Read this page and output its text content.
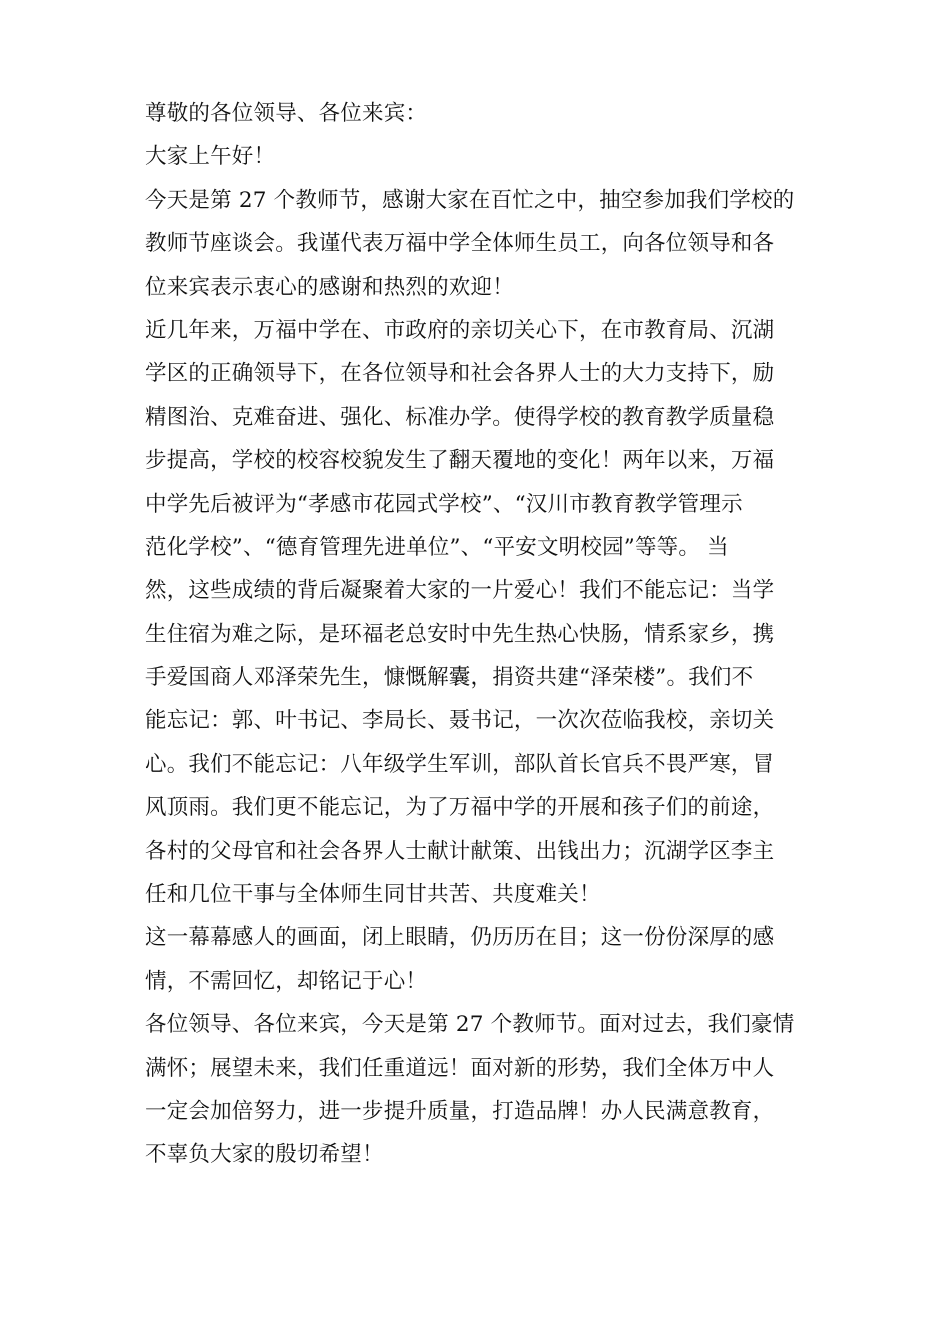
尊敬的各位领导、各位来宾：
大家上午好！
今天是第 27 个教师节，感谢大家在百忙之中，抽空参加我们学校的
教师节座谈会。我谨代表万福中学全体师生员工，向各位领导和各
位来宾表示衷心的感谢和热烈的欢迎！
近几年来，万福中学在、市政府的亲切关心下，在市教育局、沉湖
学区的正确领导下，在各位领导和社会各界人士的大力支持下，励
精图治、克难奋进、强化、标准办学。使得学校的教育教学质量稳
步提高，学校的校容校貌发生了翻天覆地的变化！两年以来，万福
中学先后被评为“孝感市花园式学校”、“汉川市教育教学管理示
范化学校”、“德育管理先进单位”、“平安文明校园”等等。 当
然，这些成绩的背后凝聚着大家的一片爱心！我们不能忘记：当学
生住宿为难之际，是环福老总安时中先生热心快肠，情系家乡，携
手爱国商人邓泽荣先生，慷慨解囊，捐资共建“泽荣楼”。我们不
能忘记：郭、叶书记、李局长、聂书记，一次次莅临我校，亲切关
心。我们不能忘记：八年级学生军训，部队首长官兵不畏严寒，冒
风顶雨。我们更不能忘记，为了万福中学的开展和孩子们的前途，
各村的父母官和社会各界人士献计献策、出钱出力；沉湖学区李主
任和几位干事与全体师生同甘共苦、共度难关！
这一幕幕感人的画面，闭上眼睛，仍历历在目；这一份份深厚的感
情，不需回忆，却铭记于心！
各位领导、各位来宾，今天是第 27 个教师节。面对过去，我们豪情
满怀；展望未来，我们任重道远！面对新的形势，我们全体万中人
一定会加倍努力，进一步提升质量，打造品牌！办人民满意教育，
不辜负大家的殷切希望！
